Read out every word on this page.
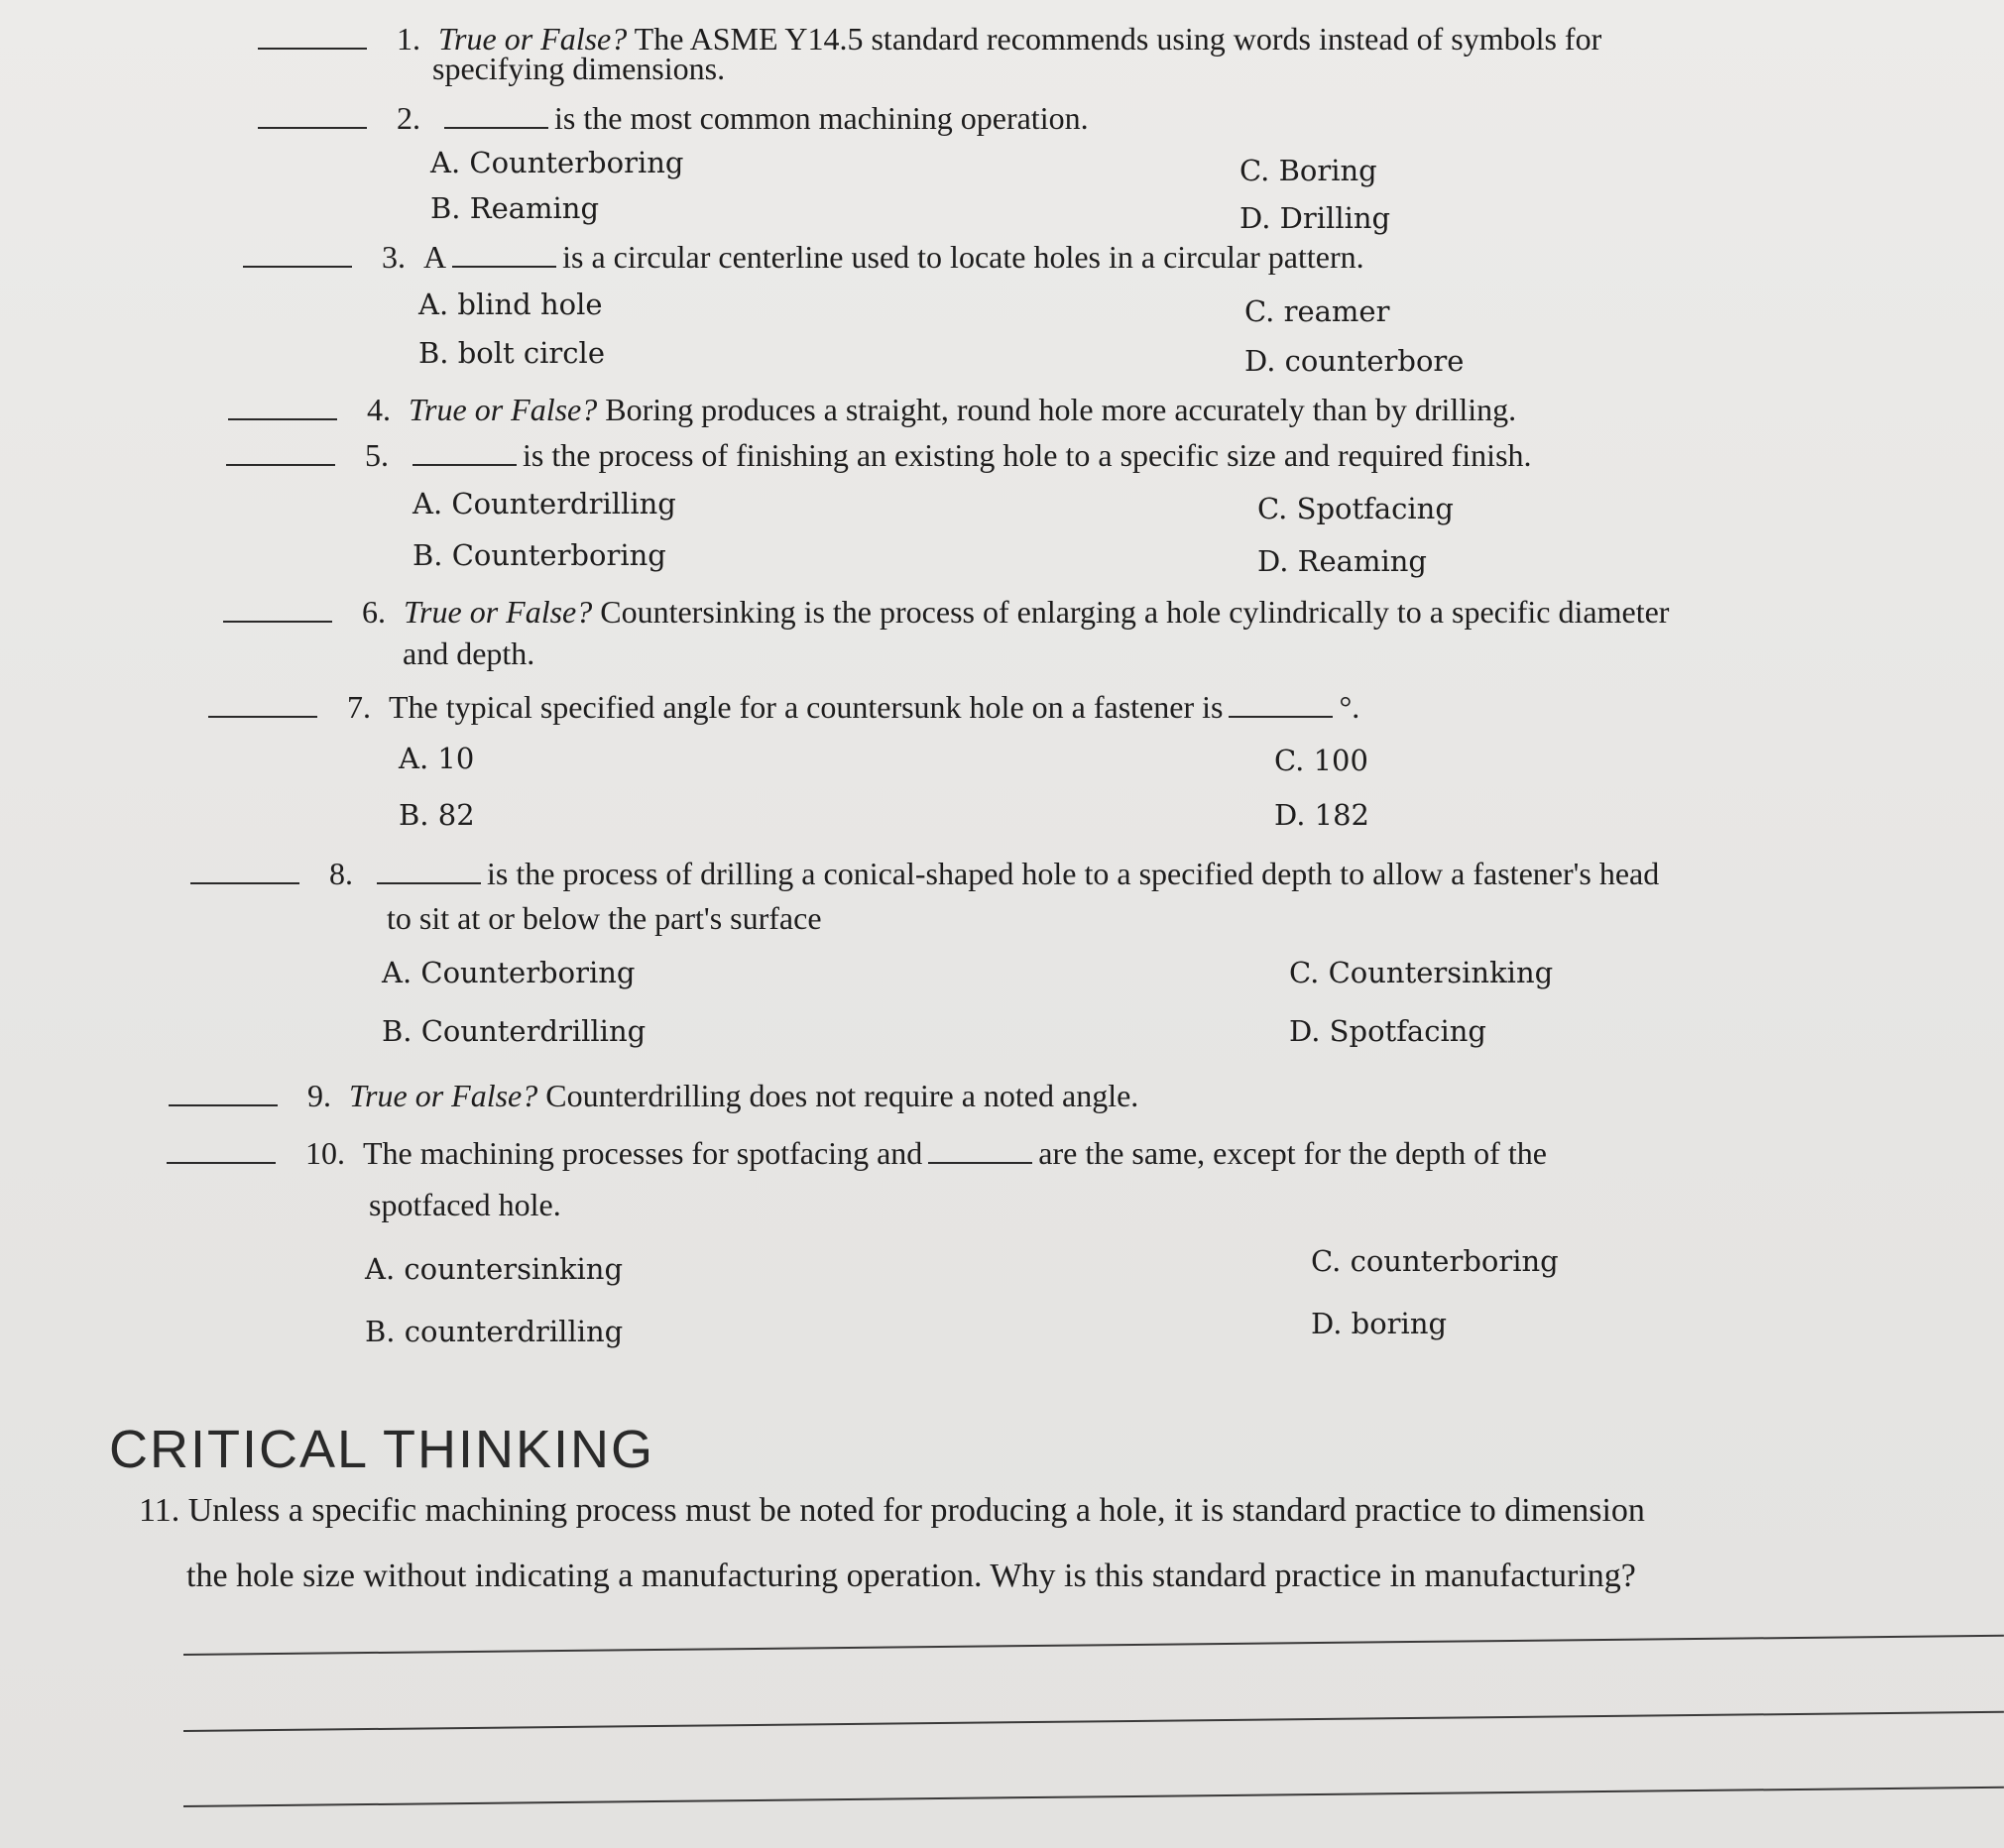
1. True or False? The ASME Y14.5 standard recommends using words instead of symbols for
specifying dimensions.
2.	is the most common machining operation.
A. Counterboring
B. Reaming
C. Boring
D. Drilling
3. A	is a circular centerline used to locate holes in a circular pattern.
A. blind hole
B. bolt circle
C. reamer
D. counterbore
4. True or False? Boring produces a straight, round hole more accurately than by drilling.
5.	is the process of finishing an existing hole to a specific size and required finish.
A. Counterdrilling
B. Counterboring
C. Spotfacing
D. Reaming
6. True or False? Countersinking is the process of enlarging a hole cylindrically to a specific diameter
and depth.
7. The typical specified angle for a countersunk hole on a fastener is	°.
A. 10
B. 82
C. 100
D. 182
8.	is the process of drilling a conical-shaped hole to a specified depth to allow a fastener's head
to sit at or below the part's surface
A. Counterboring
B. Counterdrilling
C. Countersinking
D. Spotfacing
9. True or False? Counterdrilling does not require a noted angle.
10. The machining processes for spotfacing and	are the same, except for the depth of the
spotfaced hole.
A. countersinking
B. counterdrilling
C. counterboring
D. boring
CRITICAL THINKING
11. Unless a specific machining process must be noted for producing a hole, it is standard practice to dimension
the hole size without indicating a manufacturing operation. Why is this standard practice in manufacturing?
